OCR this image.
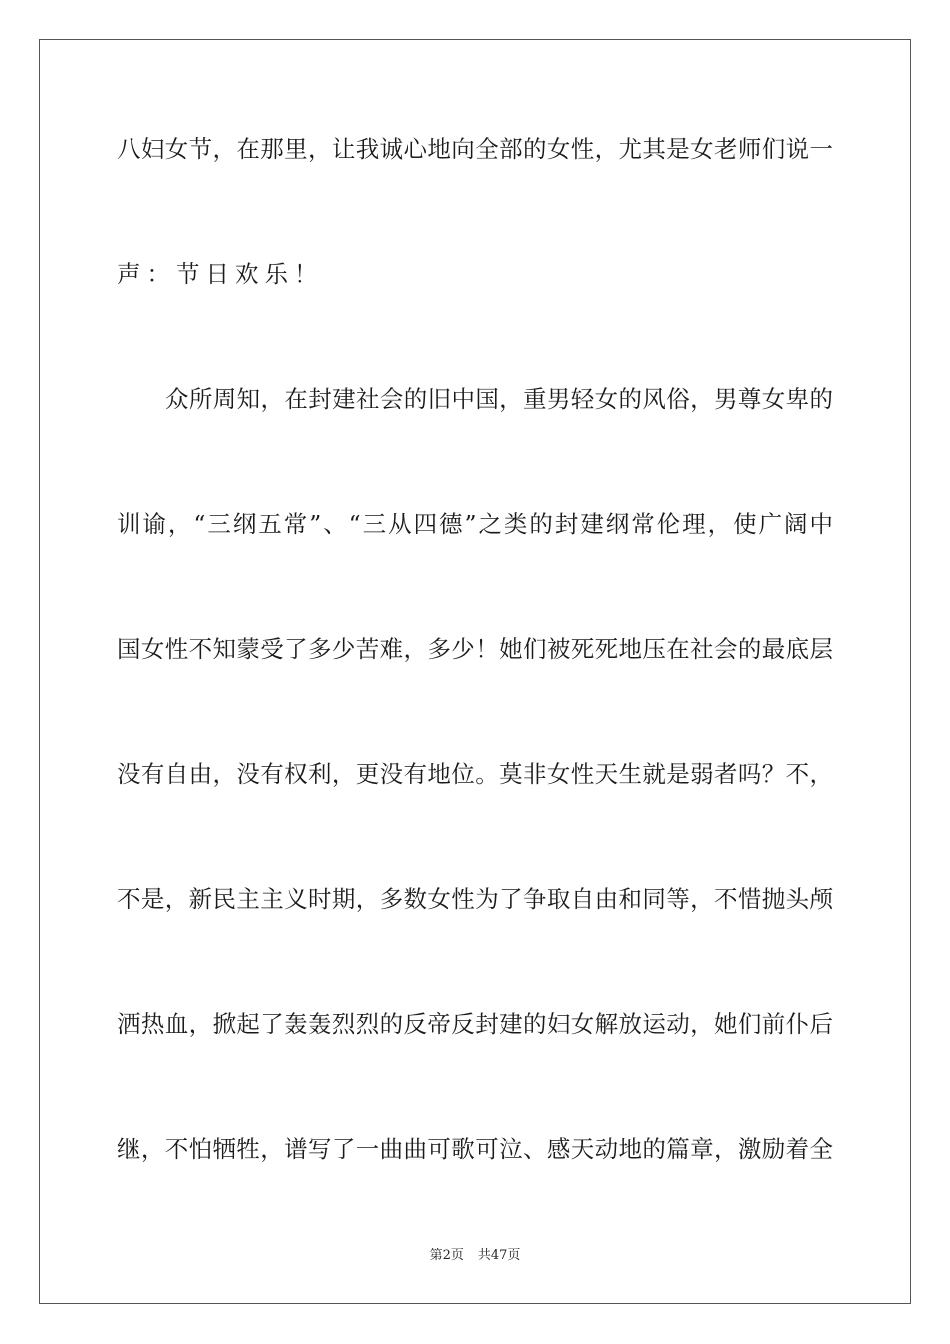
八妇女节，在那里，让我诚心地向全部的女性，尤其是女老师们说一

声：节日欢乐！

众所周知，在封建社会的旧中国，重男轻女的风俗，男尊女卑的

训谕，“三纲五常”、“三从四德”之类的封建纲常伦理，使广阔中

国女性不知蒙受了多少苦难，多少！她们被死死地压在社会的最底层

没有自由，没有权利，更没有地位。莫非女性天生就是弱者吗？不，

不是，新民主主义时期，多数女性为了争取自由和同等，不惜抛头颅

洒热血，掀起了轰轰烈烈的反帝反封建的妇女解放运动，她们前仆后

继，不怕牺牲，谱写了一曲曲可歌可泣、感天动地的篇章，激励着全

第2页 共47页
